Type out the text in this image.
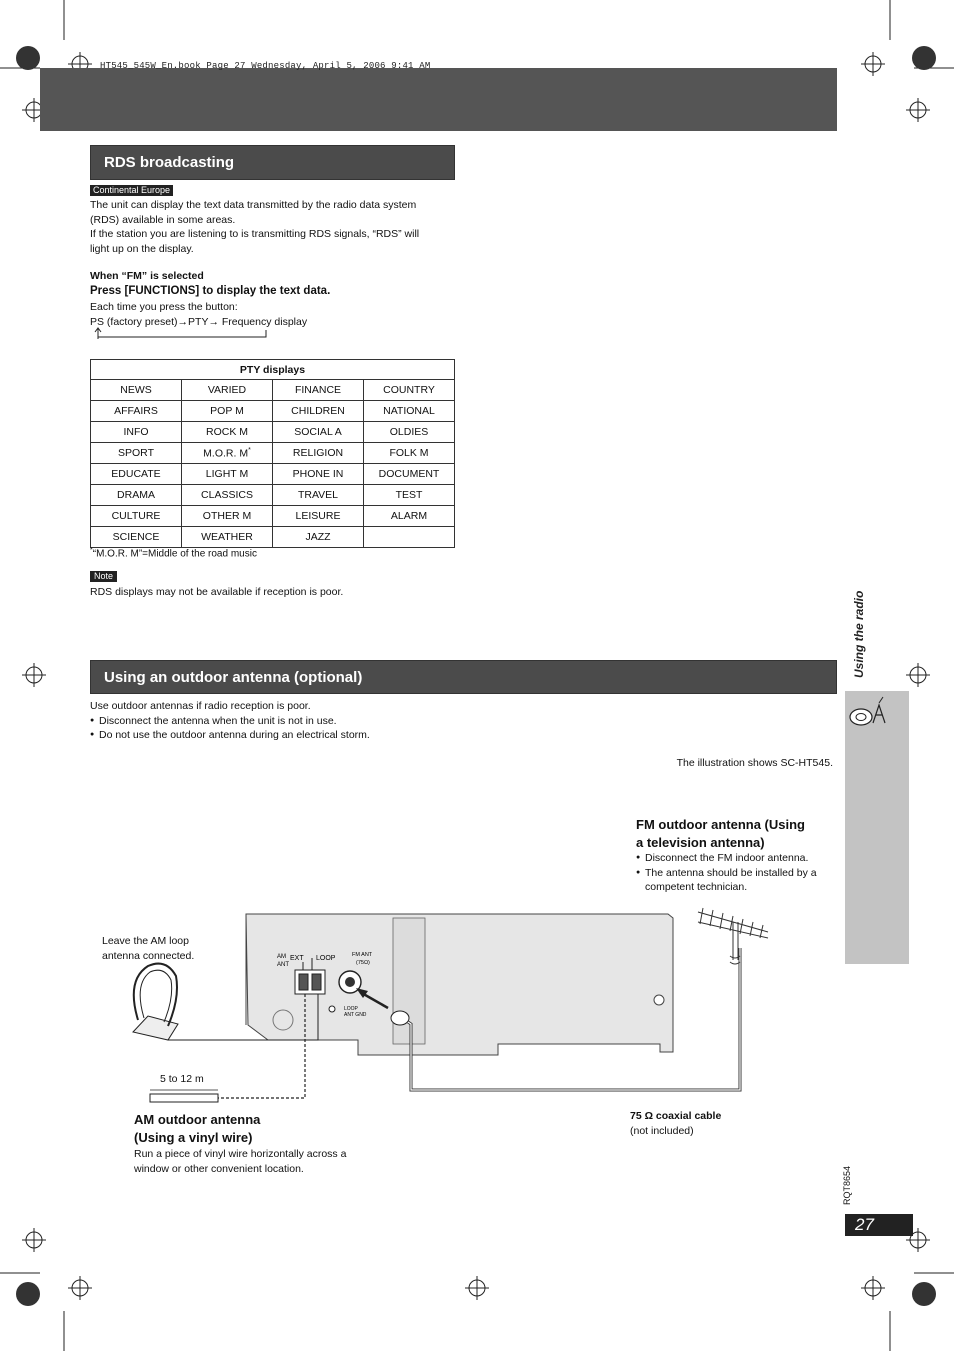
HT545_545W_En.book Page 27 Wednesday, April 5, 2006 9:41 AM
RDS broadcasting
Continental Europe
The unit can display the text data transmitted by the radio data system
(RDS) available in some areas.
If the station you are listening to is transmitting RDS signals, “RDS” will
light up on the display.
When “FM” is selected
Press [FUNCTIONS] to display the text data.
Each time you press the button:
PS (factory preset)→PTY→ Frequency display
PTY displays			
NEWS	VARIED	FINANCE	COUNTRY
AFFAIRS	POP M	CHILDREN	NATIONAL
INFO	ROCK M	SOCIAL A	OLDIES
SPORT	M.O.R. M*	RELIGION	FOLK M
EDUCATE	LIGHT M	PHONE IN	DOCUMENT
DRAMA	CLASSICS	TRAVEL	TEST
CULTURE	OTHER M	LEISURE	ALARM
SCIENCE	WEATHER	JAZZ	
*“M.O.R. M”=Middle of the road music
Note
RDS displays may not be available if reception is poor.
Using an outdoor antenna (optional)
Use outdoor antennas if radio reception is poor.
● Disconnect the antenna when the unit is not in use.
● Do not use the outdoor antenna during an electrical storm.
The illustration shows SC-HT545.
FM outdoor antenna (Using
a television antenna)
● Disconnect the FM indoor antenna.
● The antenna should be installed by a
competent technician.
AM
ANT
EXT LOOP	FM ANT
(75Ω)
LOOP
ANT GND
Leave the AM loop
antenna connected.
5 to 12 m
AM outdoor antenna
(Using a vinyl wire)
Run a piece of vinyl wire horizontally across a
window or other convenient location.
75 Ω coaxial cable
(not included)
Using the radio
RQT8654
27
